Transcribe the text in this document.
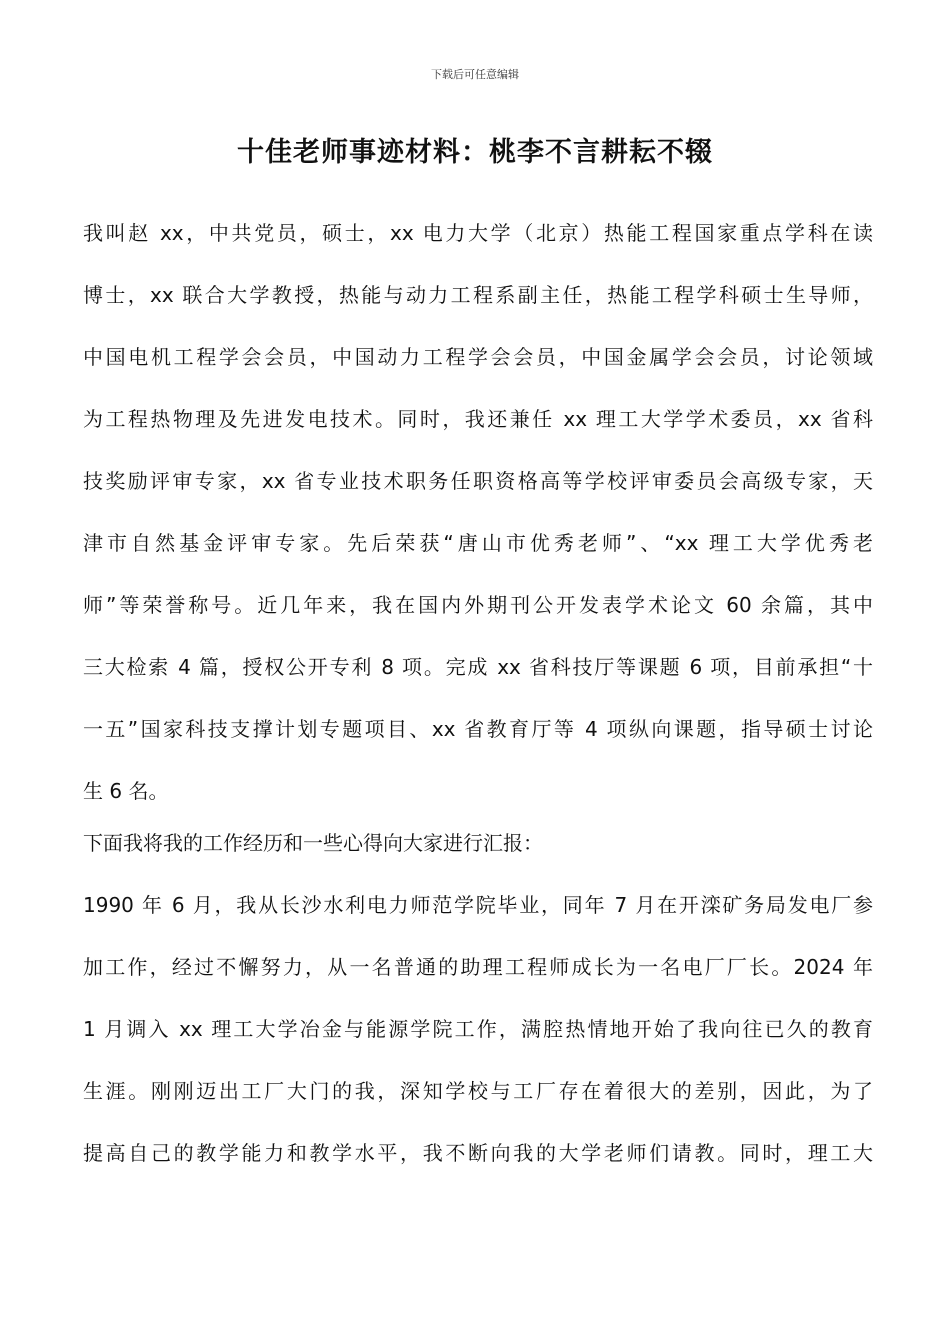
下载后可任意编辑
十佳老师事迹材料：桃李不言耕耘不辍
我叫赵 xx，中共党员，硕士，xx 电力大学（北京）热能工程国家重点学科在读
博士，xx 联合大学教授，热能与动力工程系副主任，热能工程学科硕士生导师，
中国电机工程学会会员，中国动力工程学会会员，中国金属学会会员，讨论领域
为工程热物理及先进发电技术。同时，我还兼任 xx 理工大学学术委员，xx 省科
技奖励评审专家，xx 省专业技术职务任职资格高等学校评审委员会高级专家，天
津市自然基金评审专家。先后荣获“唐山市优秀老师”、“xx 理工大学优秀老
师”等荣誉称号。近几年来，我在国内外期刊公开发表学术论文 60 余篇，其中
三大检索 4 篇，授权公开专利 8 项。完成 xx 省科技厅等课题 6 项，目前承担“十
一五”国家科技支撑计划专题项目、xx 省教育厅等 4 项纵向课题，指导硕士讨论
生 6 名。
下面我将我的工作经历和一些心得向大家进行汇报：
1990 年 6 月，我从长沙水利电力师范学院毕业，同年 7 月在开滦矿务局发电厂参
加工作，经过不懈努力，从一名普通的助理工程师成长为一名电厂厂长。2024 年
1 月调入 xx 理工大学冶金与能源学院工作，满腔热情地开始了我向往已久的教育
生涯。刚刚迈出工厂大门的我，深知学校与工厂存在着很大的差别，因此，为了
提高自己的教学能力和教学水平，我不断向我的大学老师们请教。同时，理工大
